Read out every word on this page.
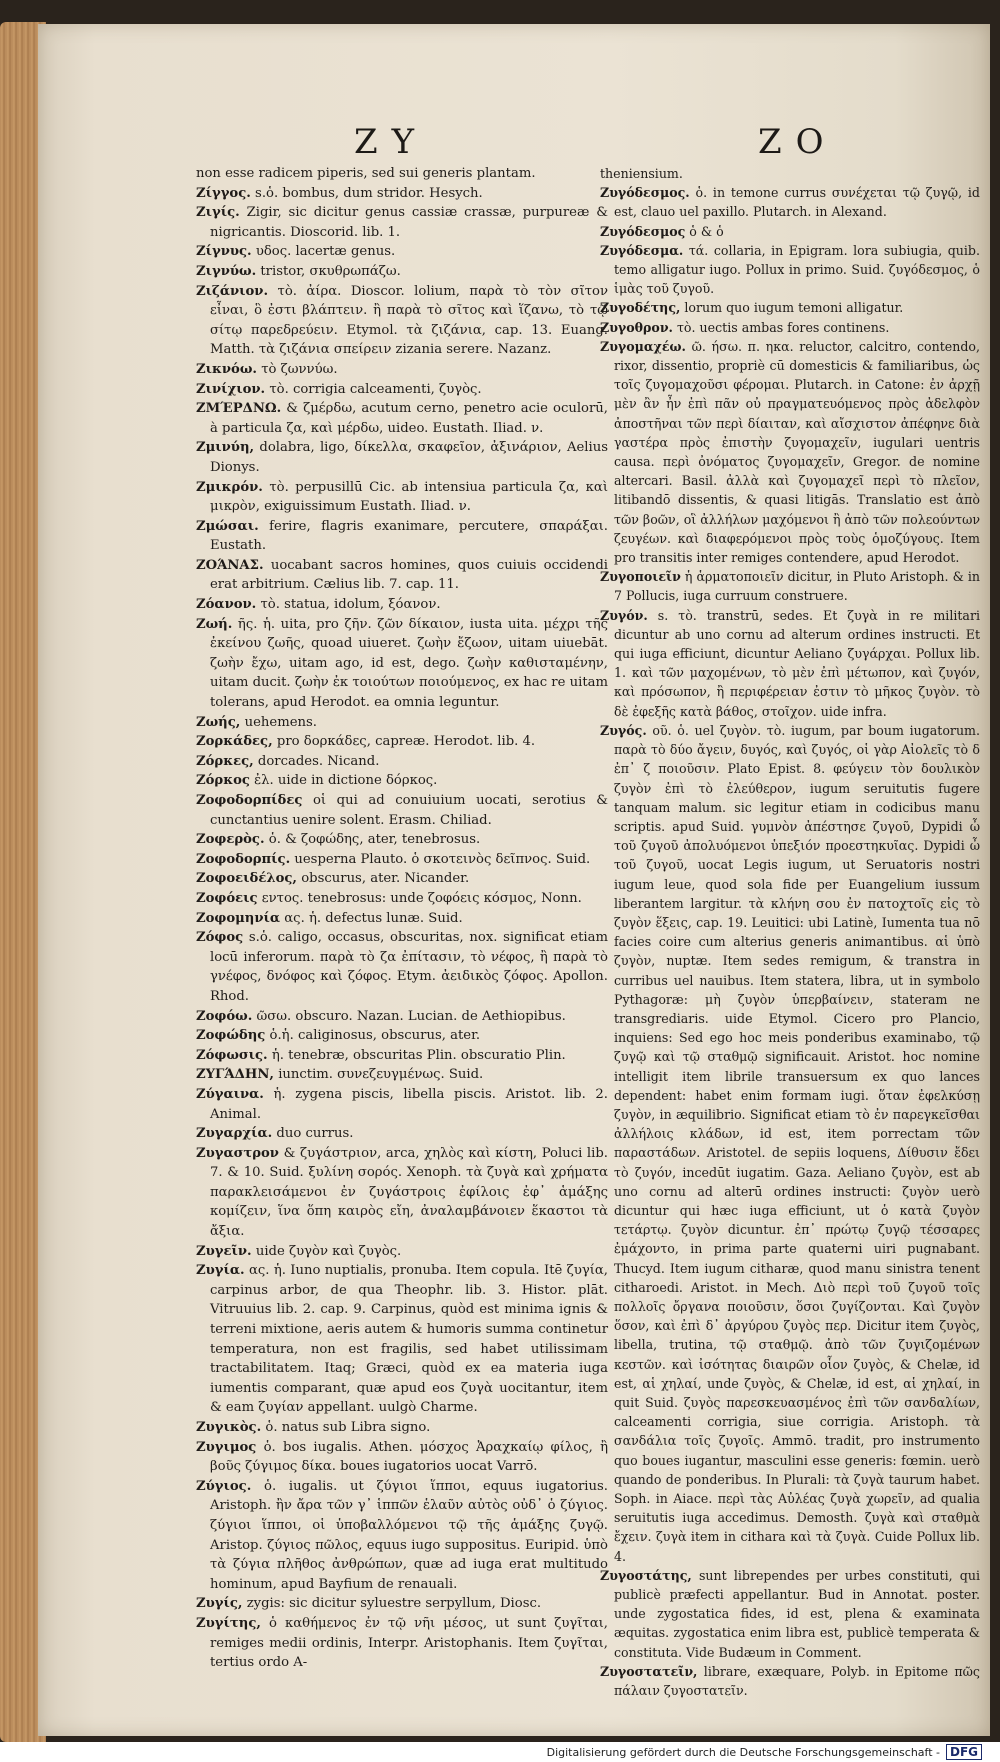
ZY	ZO

non esse radicem piperis, sed sui generis plantam.

Ζίγγος. s.ὁ. bombus, dum stridor. Hesych.

Ζιγίς. Zigir, sic dicitur genus cassiæ crassæ, purpureæ & nigricantis. Dioscorid. lib. 1.

Ζίγνυς. υδος. lacertæ genus.

Ζιγνύω. tristor, σκυθρωπάζω.

Ζιζάνιον. τὸ. ἀίρα. Dioscor. lolium, παρὰ τὸ τὸν σῖτον εἶναι, ὃ ἐστι βλάπτειν. ἢ παρὰ τὸ σῖτος καὶ ἵζανω, τὸ τῷ σίτῳ παρεδρεύειν. Etymol. τὰ ζιζάνια, cap. 13. Euang. Matth. τὰ ζιζάνια σπείρειν zizania serere. Nazanz.

Ζικνόω. τὸ ζωννύω.

Ζινίχιον. τὸ. corrigia calceamenti, ζυγὸς.

ΖΜΈΡΔΝΩ. & ζμέρδω, acutum cerno, penetro acie oculorū, à particula ζα, καὶ μέρδω, uideo. Eustath. Iliad. ν.

Ζμινύη, dolabra, ligo, δίκελλα, σκαφεῖον, ἀξινάριον, Aelius Dionys.

Ζμικρόν. τὸ. perpusillū Cic. ab intensiua particula ζα, καὶ μικρὸν, exiguissimum Eustath. Iliad. ν.

Ζμώσαι. ferire, flagris exanimare, percutere, σπαράξαι. Eustath.

ΖΟΆΝΑΣ. uocabant sacros homines, quos cuiuis occidendi erat arbitrium. Cælius lib. 7. cap. 11.

Ζόανον. τὸ. statua, idolum, ξόανον.

Ζωή. ῆς. ἡ. uita, pro ζῆν. ζῶν δίκαιον, iusta uita. μέχρι τῆς ἐκείνου ζωῆς, quoad uiueret. ζωὴν ἔζωον, uitam uiuebāt. ζωὴν ἔχω, uitam ago, id est, dego. ζωὴν καθισταμένην, uitam ducit. ζωὴν ἐκ τοιούτων ποιούμενος, ex hac re uitam tolerans, apud Herodot. ea omnia leguntur.

Ζωής, uehemens.

Ζορκάδες, pro δορκάδες, capreæ. Herodot. lib. 4.

Ζόρκες, dorcades. Nicand.

Ζόρκος ἐλ. uide in dictione δόρκος.

Ζοφοδορπίδες οἱ qui ad conuiuium uocati, serotius & cunctantius uenire solent. Erasm. Chiliad.

Ζοφερὸς. ὁ. & ζοφώδης, ater, tenebrosus.

Ζοφοδορπίς. uesperna Plauto. ὁ σκοτεινὸς δεῖπνος. Suid.

Ζοφοειδέλος, obscurus, ater. Nicander.

Ζοφόεις εντος. tenebrosus: unde ζοφόεις κόσμος, Nonn.

Ζοφομηνία ας. ἡ. defectus lunæ. Suid.

Ζόφος s.ὁ. caligo, occasus, obscuritas, nox. significat etiam locū inferorum. παρὰ τὸ ζα ἐπίτασιν, τὸ νέφος, ἢ παρὰ τὸ γνέφος, δνόφος καὶ ζόφος. Etym. ἀειδικὸς ζόφος. Apollon. Rhod.

Ζοφόω. ῶσω. obscuro. Nazan. Lucian. de Aethiopibus.

Ζοφώδης ὁ.ἡ. caliginosus, obscurus, ater.

Ζόφωσις. ἡ. tenebræ, obscuritas Plin. obscuratio Plin.

ΖΥΓΆΔΗΝ, iunctim. συνεζευγμένως. Suid.

Ζύγαινα. ἡ. zygena piscis, libella piscis. Aristot. lib. 2. Animal.

Ζυγαρχία. duo currus.

Ζυγαστρον & ζυγάστριον, arca, χηλὸς καὶ κίστη, Poluci lib. 7. & 10. Suid. ξυλίνη σορός. Xenoph. τὰ ζυγὰ καὶ χρήματα παρακλεισάμενοι ἐν ζυγάστροις ἐφίλοις ἐφ᾽ ἁμάξης κομίζειν, ἵνα ὅπη καιρὸς εἴη, ἀναλαμβάνοιεν ἕκαστοι τὰ ἄξια.

Ζυγεῖν. uide ζυγὸν καὶ ζυγὸς.

Ζυγία. ας. ἡ. Iuno nuptialis, pronuba. Item copula. Itē ζυγία, carpinus arbor, de qua Theophr. lib. 3. Histor. plāt. Vitruuius lib. 2. cap. 9. Carpinus, quòd est minima ignis & terreni mixtione, aeris autem & humoris summa continetur temperatura, non est fragilis, sed habet utilissimam tractabilitatem. Itaq; Græci, quòd ex ea materia iuga iumentis comparant, quæ apud eos ζυγὰ uocitantur, item & eam ζυγίαν appellant. uulgò Charme.

Ζυγικὸς. ὁ. natus sub Libra signo.

Ζυγιμος ὁ. bos iugalis. Athen. μόσχος Ἀραχκαίῳ φίλος, ἢ βοῦς ζύγιμος δίκα. boues iugatorios uocat Varrō.

Ζύγιος. ὁ. iugalis. ut ζύγιοι ἵπποι, equus iugatorius. Aristoph. ἢν ἄρα τῶν γ᾽ ἱππῶν ἑλαῦν αὐτὸς οὐδ᾽ ὁ ζύγιος. ζύγιοι ἵπποι, οἱ ὑποβαλλόμενοι τῷ τῆς ἁμάξης ζυγῷ. Aristop. ζύγιος πῶλος, equus iugo suppositus. Euripid. ὑπὸ τὰ ζύγια πλῆθος ἀνθρώπων, quæ ad iuga erat multitudo hominum, apud Bayfium de renauali.

Ζυγίς, zygis: sic dicitur syluestre serpyllum, Diosc.

Ζυγίτης, ὁ καθήμενος ἐν τῷ νῆι μέσος, ut sunt ζυγῖται, remiges medii ordinis, Interpr. Aristophanis. Item ζυγῖται, tertius ordo A-

theniensium.

Ζυγόδεσμος. ὁ. in temone currus συνέχεται τῷ ζυγῷ, id est, clauo uel paxillo. Plutarch. in Alexand.

Ζυγόδεσμος ὁ & ὁ

Ζυγόδεσμα. τά. collaria, in Epigram. lora subiugia, quib. temo alligatur iugo. Pollux in primo. Suid. ζυγόδεσμος, ὁ ἱμὰς τοῦ ζυγοῦ.

Ζυγοδέτης, lorum quo iugum temoni alligatur.

Ζυγοθρον. τὸ. uectis ambas fores continens.

Ζυγομαχέω. ῶ. ήσω. π. ηκα. reluctor, calcitro, contendo, rixor, dissentio, propriè cū domesticis & familiaribus, ὡς τοῖς ζυγομαχοῦσι φέρομαι. Plutarch. in Catone: ἐν ἀρχῇ μὲν ἂν ἦν ἐπὶ πᾶν οὐ πραγματευόμενος πρὸς ἀδελφὸν ἀποστῆναι τῶν περὶ δίαιταν, καὶ αἴσχιστον ἀπέφηνε διὰ γαστέρα πρὸς ἐπιστὴν ζυγομαχεῖν, iugulari uentris causa. περὶ ὀνόματος ζυγομαχεῖν, Gregor. de nomine altercari. Basil. ἀλλὰ καὶ ζυγομαχεῖ περὶ τὸ πλεῖον, litibandō dissentis, & quasi litigās. Translatio est ἀπὸ τῶν βοῶν, οἳ ἀλλήλων μαχόμενοι ἢ ἀπὸ τῶν πολεούντων ζευγέων. καὶ διαφερόμενοι πρὸς τοὺς ὁμοζύγους. Item pro transitis inter remiges contendere, apud Herodot.

Ζυγοποιεῖν ἡ ἁρματοποιεῖν dicitur, in Pluto Aristoph. & in 7 Pollucis, iuga curruum construere.

Ζυγόν. s. τὸ. transtrū, sedes. Et ζυγὰ in re militari dicuntur ab uno cornu ad alterum ordines instructi. Et qui iuga efficiunt, dicuntur Aeliano ζυγάρχαι. Pollux lib. 1. καὶ τῶν μαχομένων, τὸ μὲν ἐπὶ μέτωπον, καὶ ζυγόν, καὶ πρόσωπον, ἢ περιφέρειαν ἐστιν τὸ μῆκος ζυγὸν. τὸ δὲ ἐφεξῆς κατὰ βάθος, στοῖχον. uide infra.

Ζυγός. οῦ. ὁ. uel ζυγὸν. τὸ. iugum, par boum iugatorum. παρὰ τὸ δύο ἄγειν, δυγός, καὶ ζυγός, οἱ γὰρ Αἰολεῖς τὸ δ ἐπ᾽ ζ ποιοῦσιν. Plato Epist. 8. φεύγειν τὸν δουλικὸν ζυγὸν ἐπὶ τὸ ἐλεύθερον, iugum seruitutis fugere tanquam malum. sic legitur etiam in codicibus manu scriptis. apud Suid. γυμνὸν ἀπέστησε ζυγοῦ, Dypidi ὦ τοῦ ζυγοῦ ἀπολυόμενοι ὑπεξιόν προεστηκυῖας. Dypidi ὦ τοῦ ζυγοῦ, uocat Legis iugum, ut Seruatoris nostri iugum leue, quod sola fide per Euangelium iussum liberantem largitur. τὰ κλήνη σου ἐν πατοχτοῖς εἰς τὸ ζυγὸν ἕξεις, cap. 19. Leuitici: ubi Latinè, Iumenta tua nō facies coire cum alterius generis animantibus. αἱ ὑπὸ ζυγὸν, nuptæ. Item sedes remigum, & transtra in curribus uel nauibus. Item statera, libra, ut in symbolo Pythagoræ: μὴ ζυγὸν ὑπερβαίνειν, stateram ne transgrediaris. uide Etymol. Cicero pro Plancio, inquiens: Sed ego hoc meis ponderibus examinabo, τῷ ζυγῷ καὶ τῷ σταθμῷ significauit. Aristot. hoc nomine intelligit item librile transuersum ex quo lances dependent: habet enim formam iugi. ὅταν ἐφελκύσῃ ζυγὸν, in æquilibrio. Significat etiam τὸ ἐν παρεγκεῖσθαι ἀλλήλοις κλάδων, id est, item porrectam τῶν παραστάδων. Aristotel. de sepiis loquens, Δίθυσιν ἔδει τὸ ζυγόν, incedūt iugatim. Gaza. Aeliano ζυγὸν, est ab uno cornu ad alterū ordines instructi: ζυγὸν uerò dicuntur qui hæc iuga efficiunt, ut ὁ κατὰ ζυγὸν τετάρτῳ. ζυγὸν dicuntur. ἐπ᾽ πρώτῳ ζυγῷ τέσσαρες ἐμάχοντο, in prima parte quaterni uiri pugnabant. Thucyd. Item iugum citharæ, quod manu sinistra tenent citharoedi. Aristot. in Mech. Διὸ περὶ τοῦ ζυγοῦ τοῖς πολλοῖς ὄργανα ποιοῦσιν, ὅσοι ζυγίζονται. Καὶ ζυγὸν ὅσον, καὶ ἐπὶ δ᾽ ἀργύρου ζυγὸς περ. Dicitur item ζυγὸς, libella, trutina, τῷ σταθμῷ. ἀπὸ τῶν ζυγιζομένων κεστῶν. καὶ ἰσότητας διαιρῶν οἷον ζυγὸς, & Chelæ, id est, αἱ χηλαί, unde ζυγὸς, & Chelæ, id est, αἱ χηλαί, in quit Suid. ζυγὸς παρεσκευασμένος ἐπὶ τῶν σανδαλίων, calceamenti corrigia, siue corrigia. Aristoph. τὰ σανδάλια τοῖς ζυγοῖς. Ammō. tradit, pro instrumento quo boues iugantur, masculini esse generis: fœmin. uerò quando de ponderibus. In Plurali: τὰ ζυγὰ taurum habet. Soph. in Aiace. περὶ τὰς Αὐλέας ζυγὰ χωρεῖν, ad qualia seruitutis iuga accedimus. Demosth. ζυγὰ καὶ σταθμὰ ἔχειν. ζυγὰ item in cithara καὶ τὰ ζυγὰ. Cuidе Pollux lib. 4.

Ζυγοστάτης, sunt librependes per urbes constituti, qui publicè præfecti appellantur. Bud in Annotat. poster. unde zygostatica fides, id est, plena & examinata æquitas. zygostatica enim libra est, publicè temperata & constituta. Vide Budæum in Comment.

Ζυγοστατεῖν, librare, exæquare, Polyb. in Epitome πῶς πάλαιν ζυγοστατεῖν.

Digitalisierung gefördert durch die Deutsche Forschungsgemeinschaft - DFG
